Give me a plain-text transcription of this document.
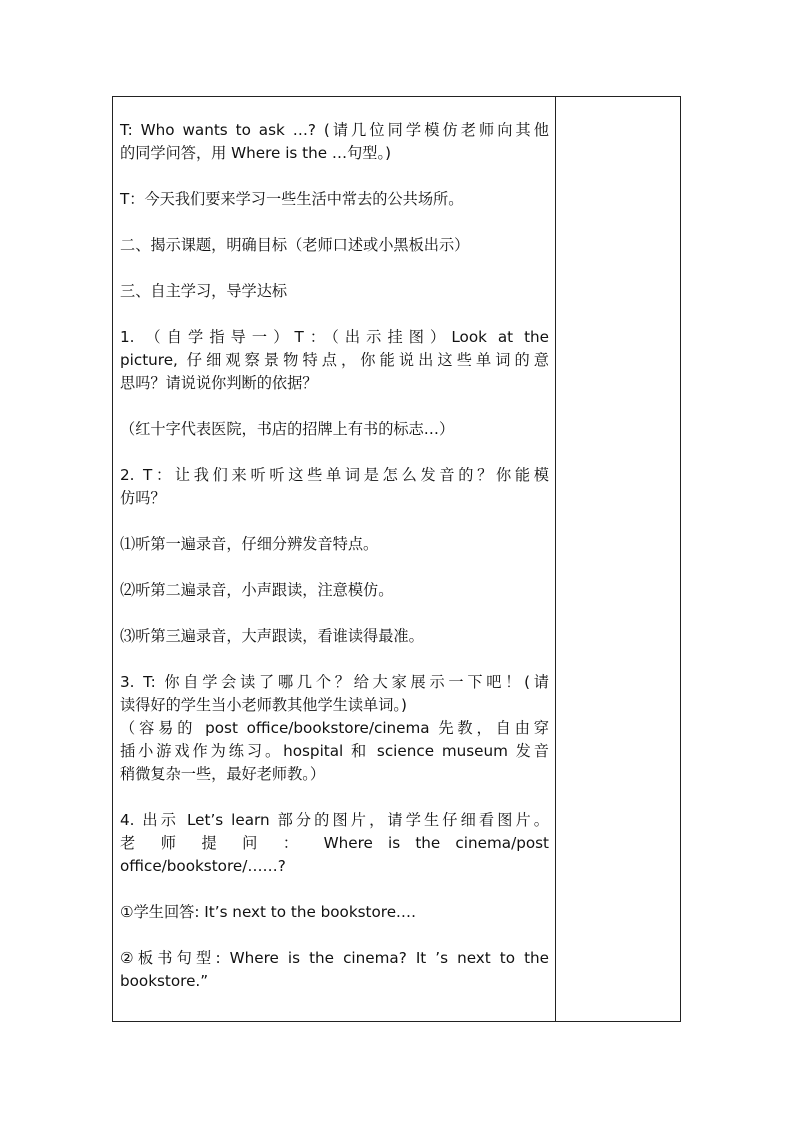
T: Who wants to ask …? (请几位同学模仿老师向其他
的同学问答，用 Where is the …句型。)

T：今天我们要来学习一些生活中常去的公共场所。

二、揭示课题，明确目标（老师口述或小黑板出示）

三、自主学习，导学达标

1. （自学指导一）T：（出示挂图）Look at the
picture, 仔细观察景物特点，你能说出这些单词的意
思吗？请说说你判断的依据？

（红十字代表医院，书店的招牌上有书的标志…）

2. T：让我们来听听这些单词是怎么发音的？你能模
仿吗？

⑴听第一遍录音，仔细分辨发音特点。

⑵听第二遍录音，小声跟读，注意模仿。

⑶听第三遍录音，大声跟读，看谁读得最准。

3. T: 你自学会读了哪几个？给大家展示一下吧！(请
读得好的学生当小老师教其他学生读单词。)
（容易的 post office/bookstore/cinema 先教，自由穿
插小游戏作为练习。hospital 和 science museum 发音
稍微复杂一些，最好老师教。）

4. 出示 Let’s learn 部分的图片，请学生仔细看图片。
老 师 提 问 ： Where is the cinema/post
office/bookstore/……?

①学生回答: It’s next to the bookstore.…

②板书句型: Where is the cinema? It ’s next to the
bookstore.”
